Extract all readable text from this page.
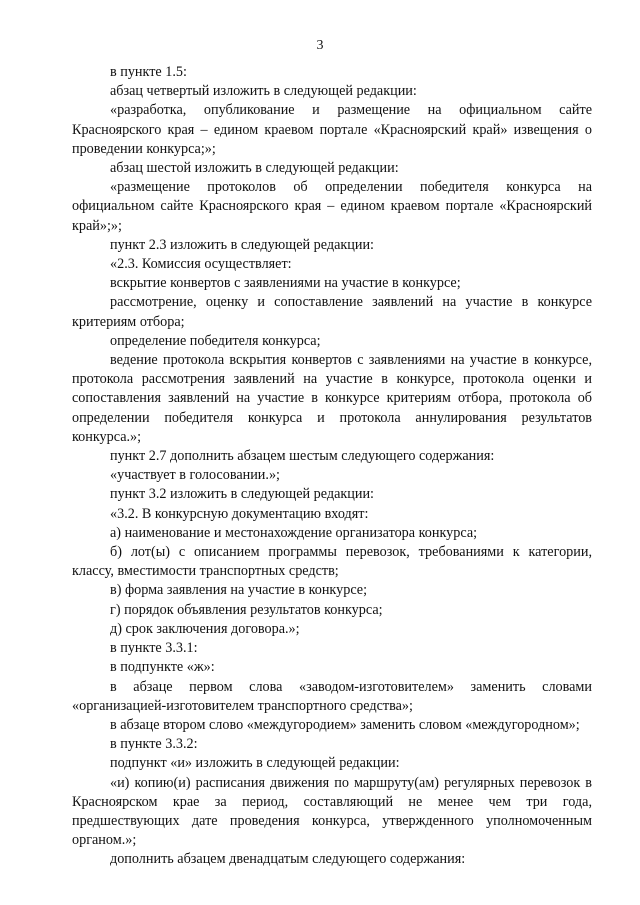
3

в пункте 1.5:

абзац четвертый изложить в следующей редакции:

«разработка, опубликование и размещение на официальном сайте Красноярского края – едином краевом портале «Красноярский край» извещения о проведении конкурса;»;

абзац шестой изложить в следующей редакции:

«размещение протоколов об определении победителя конкурса на официальном сайте Красноярского края – едином краевом портале «Красноярский край»;»;

пункт 2.3 изложить в следующей редакции:

«2.3. Комиссия осуществляет:

вскрытие конвертов с заявлениями на участие в конкурсе;

рассмотрение, оценку и сопоставление заявлений на участие в конкурсе критериям отбора;

определение победителя конкурса;

ведение протокола вскрытия конвертов с заявлениями на участие в конкурсе, протокола рассмотрения заявлений на участие в конкурсе, протокола оценки и сопоставления заявлений на участие в конкурсе критериям отбора, протокола об определении победителя конкурса и протокола аннулирования результатов конкурса.»;

пункт 2.7 дополнить абзацем шестым следующего содержания:

«участвует в голосовании.»;

пункт 3.2 изложить в следующей редакции:

«3.2. В конкурсную документацию входят:

а) наименование и местонахождение организатора конкурса;

б) лот(ы) с описанием программы перевозок, требованиями к категории, классу, вместимости транспортных средств;

в) форма заявления на участие в конкурсе;

г) порядок объявления результатов конкурса;

д) срок заключения договора.»;

в пункте 3.3.1:

в подпункте «ж»:

в абзаце первом слова «заводом-изготовителем» заменить словами «организацией-изготовителем транспортного средства»;

в абзаце втором слово «междугородием» заменить словом «междугородном»;

в пункте 3.3.2:

подпункт «и» изложить в следующей редакции:

«и) копию(и) расписания движения по маршруту(ам) регулярных перевозок в Красноярском крае за период, составляющий не менее чем три года, предшествующих дате проведения конкурса, утвержденного уполномоченным органом.»;

дополнить абзацем двенадцатым следующего содержания:
